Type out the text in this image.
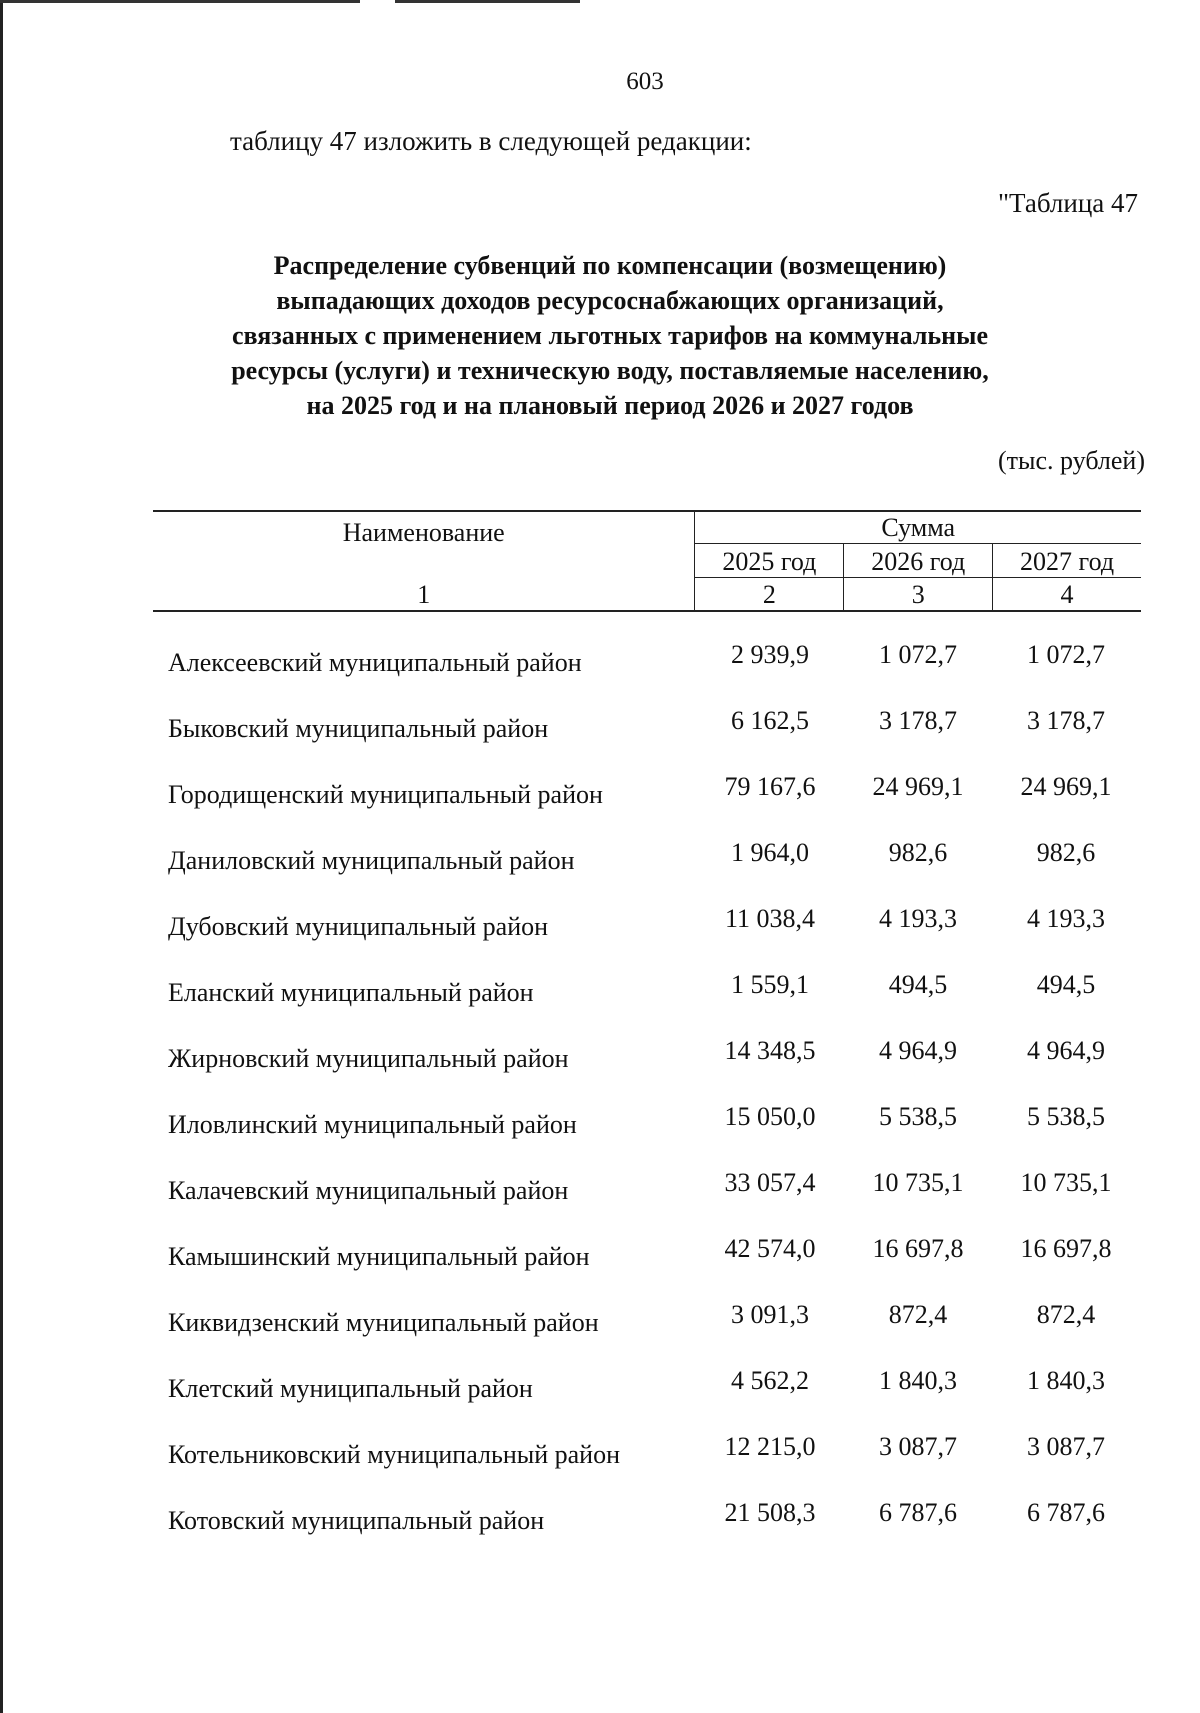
603
таблицу 47 изложить в следующей редакции:
"Таблица 47
Распределение субвенций по компенсации (возмещению)
выпадающих доходов ресурсоснабжающих организаций,
связанных с применением льготных тарифов на коммунальные
ресурсы (услуги) и техническую воду, поставляемые населению,
на 2025 год и на плановый период 2026 и 2027 годов
(тыс. рублей)
Наименование	Сумма		
	2025 год	2026 год	2027 год
1	2	3	4
Алексеевский муниципальный район	2 939,9	1 072,7	1 072,7
Быковский муниципальный район	6 162,5	3 178,7	3 178,7
Городищенский муниципальный район	79 167,6	24 969,1	24 969,1
Даниловский муниципальный район	1 964,0	982,6	982,6
Дубовский муниципальный район	11 038,4	4 193,3	4 193,3
Еланский муниципальный район	1 559,1	494,5	494,5
Жирновский муниципальный район	14 348,5	4 964,9	4 964,9
Иловлинский муниципальный район	15 050,0	5 538,5	5 538,5
Калачевский муниципальный район	33 057,4	10 735,1	10 735,1
Камышинский муниципальный район	42 574,0	16 697,8	16 697,8
Киквидзенский муниципальный район	3 091,3	872,4	872,4
Клетский муниципальный район	4 562,2	1 840,3	1 840,3
Котельниковский муниципальный район	12 215,0	3 087,7	3 087,7
Котовский муниципальный район	21 508,3	6 787,6	6 787,6
